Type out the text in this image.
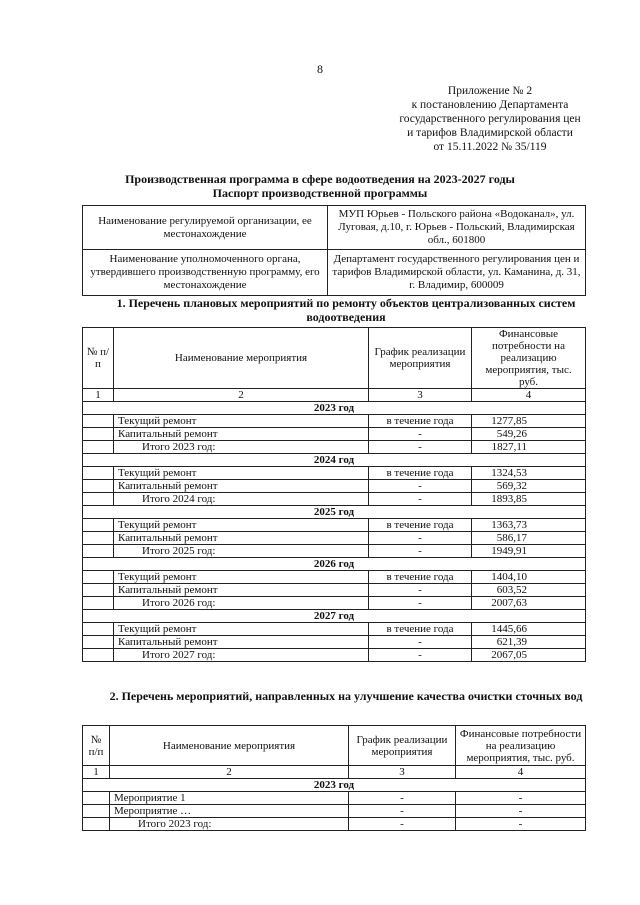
8
Приложение № 2
к постановлению Департамента
государственного регулирования цен
и тарифов Владимирской области
от 15.11.2022 № 35/119
Производственная программа в сфере водоотведения на 2023-2027 годы
Паспорт производственной программы
Наименование регулируемой организации, ее местонахождение	МУП Юрьев - Польского района «Водоканал», ул. Луговая, д.10, г. Юрьев - Польский, Владимирская обл., 601800
Наименование уполномоченного органа, утвердившего производственную программу, его местонахождение	Департамент государственного регулирования цен и тарифов Владимирской области, ул. Каманина, д. 31, г. Владимир, 600009
1. Перечень плановых мероприятий по ремонту объектов централизованных систем водоотведения
№ п/п	Наименование мероприятия	График реализации мероприятия	Финансовые потребности на реализацию мероприятия, тыс. руб.
1	2	3	4
2023 год			
	Текущий ремонт	в течение года	1277,85
	Капитальный ремонт	-	549,26
	Итого 2023 год:	-	1827,11
2024 год			
	Текущий ремонт	в течение года	1324,53
	Капитальный ремонт	-	569,32
	Итого 2024 год:	-	1893,85
2025 год			
	Текущий ремонт	в течение года	1363,73
	Капитальный ремонт	-	586,17
	Итого 2025 год:	-	1949,91
2026 год			
	Текущий ремонт	в течение года	1404,10
	Капитальный ремонт	-	603,52
	Итого 2026 год:	-	2007,63
2027 год			
	Текущий ремонт	в течение года	1445,66
	Капитальный ремонт	-	621,39
	Итого 2027 год:	-	2067,05
2. Перечень мероприятий, направленных на улучшение качества очистки сточных вод
№ п/п	Наименование мероприятия	График реализации мероприятия	Финансовые потребности на реализацию мероприятия, тыс. руб.
1	2	3	4
2023 год			
	Мероприятие 1	-	-
	Мероприятие …	-	-
	Итого 2023 год:	-	-
